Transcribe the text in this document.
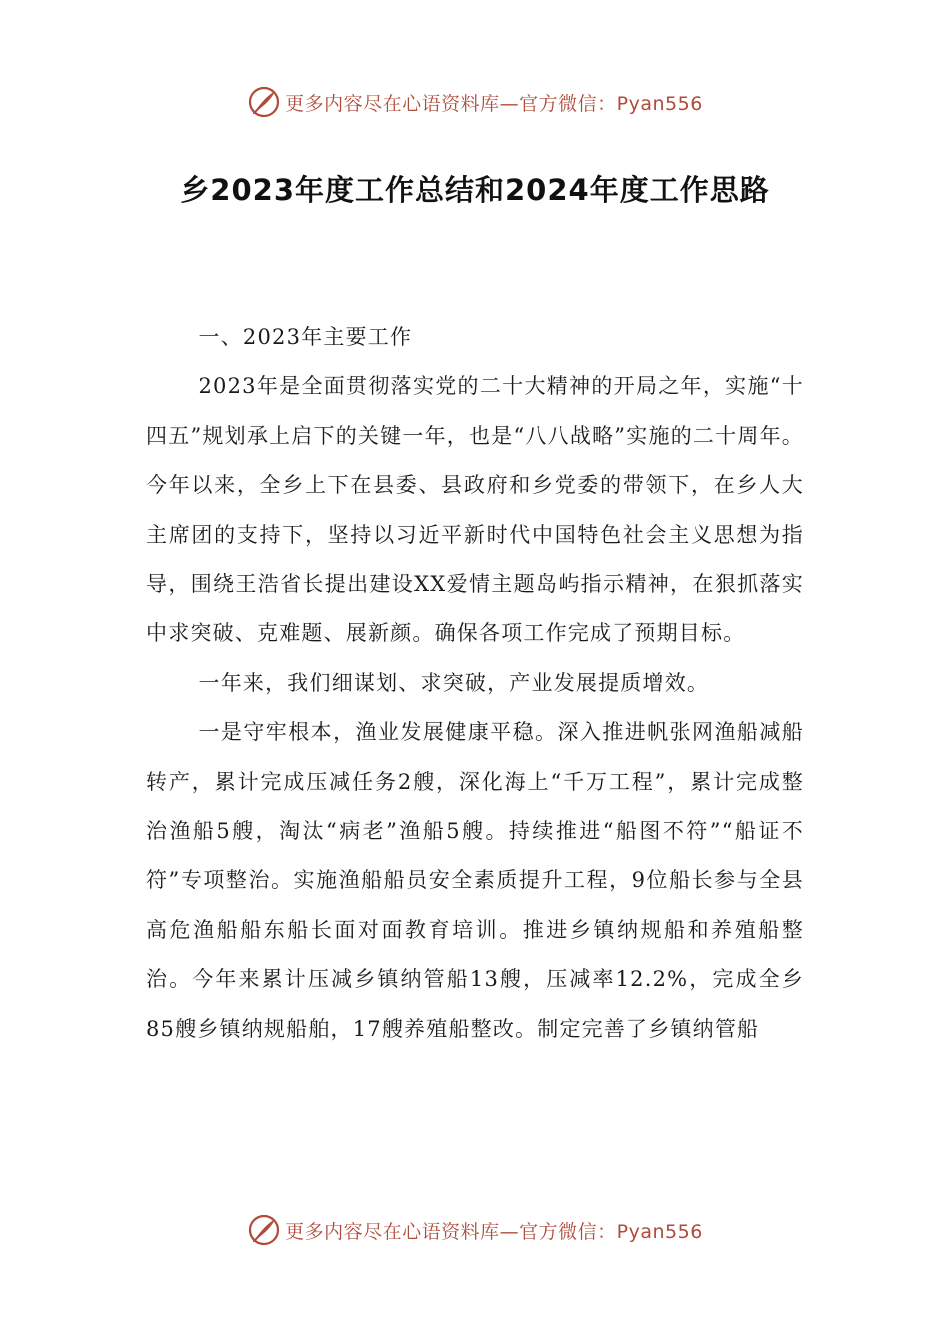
更多内容尽在心语资料库—官方微信：Pyan556
乡2023年度工作总结和2024年度工作思路

一、2023年主要工作

2023年是全面贯彻落实党的二十大精神的开局之年，实施“十四五”规划承上启下的关键一年，也是“八八战略”实施的二十周年。今年以来，全乡上下在县委、县政府和乡党委的带领下，在乡人大主席团的支持下，坚持以习近平新时代中国特色社会主义思想为指导，围绕王浩省长提出建设XX爱情主题岛屿指示精神，在狠抓落实中求突破、克难题、展新颜。确保各项工作完成了预期目标。

一年来，我们细谋划、求突破，产业发展提质增效。

一是守牢根本，渔业发展健康平稳。深入推进帆张网渔船减船转产，累计完成压减任务2艘，深化海上“千万工程”，累计完成整治渔船5艘，淘汰“病老”渔船5艘。持续推进“船图不符”“船证不符”专项整治。实施渔船船员安全素质提升工程，9位船长参与全县高危渔船船东船长面对面教育培训。推进乡镇纳规船和养殖船整治。今年来累计压减乡镇纳管船13艘，压减率12.2%，完成全乡85艘乡镇纳规船舶，17艘养殖船整改。制定完善了乡镇纳管船

更多内容尽在心语资料库—官方微信：Pyan556
